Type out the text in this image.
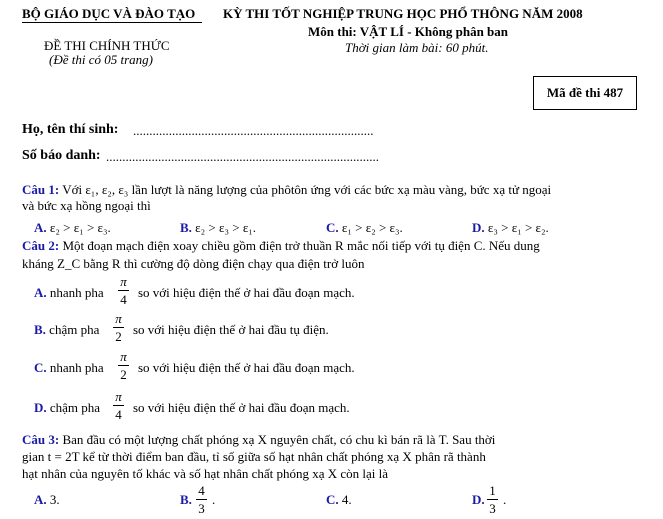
BỘ GIÁO DỤC VÀ ĐÀO TẠO KỲ THI TỐT NGHIỆP TRUNG HỌC PHỔ THÔNG NĂM 2008
ĐỀ THI CHÍNH THỨC
(Đề thi có 05 trang)
Môn thi: VẬT LÍ - Không phân ban
Thời gian làm bài: 60 phút.
Mã đề thi 487
Họ, tên thí sinh: ..........................................................................
Số báo danh: ....................................................................................
Câu 1: Với ε₁, ε₂, ε₃ lần lượt là năng lượng của phôtôn ứng với các bức xạ màu vàng, bức xạ tử ngoại
và bức xạ hồng ngoại thì
A. ε₂ > ε₁ > ε₃.	B. ε₂ > ε₃ > ε₁.	C. ε₁ > ε₂ > ε₃.	D. ε₃ > ε₁ > ε₂.
Câu 2: Một đoạn mạch điện xoay chiều gồm điện trở thuần R mắc nối tiếp với tụ điện C. Nếu dung
kháng Z_C bằng R thì cường độ dòng điện chạy qua điện trở luôn
A. nhanh pha
π
4 so với hiệu điện thế ở hai đầu đoạn mạch.
B. chậm pha
π
2 so với hiệu điện thế ở hai đầu tụ điện.
C. nhanh pha
π
2 so với hiệu điện thế ở hai đầu đoạn mạch.
D. chậm pha
π
4 so với hiệu điện thế ở hai đầu đoạn mạch.
Câu 3: Ban đầu có một lượng chất phóng xạ X nguyên chất, có chu kì bán rã là T. Sau thời
gian t = 2T kể từ thời điểm ban đầu, tỉ số giữa số hạt nhân chất phóng xạ X phân rã thành
hạt nhân của nguyên tố khác và số hạt nhân chất phóng xạ X còn lại là
A. 3.	B.
4
3
.	C. 4.	D.
1
3
.
